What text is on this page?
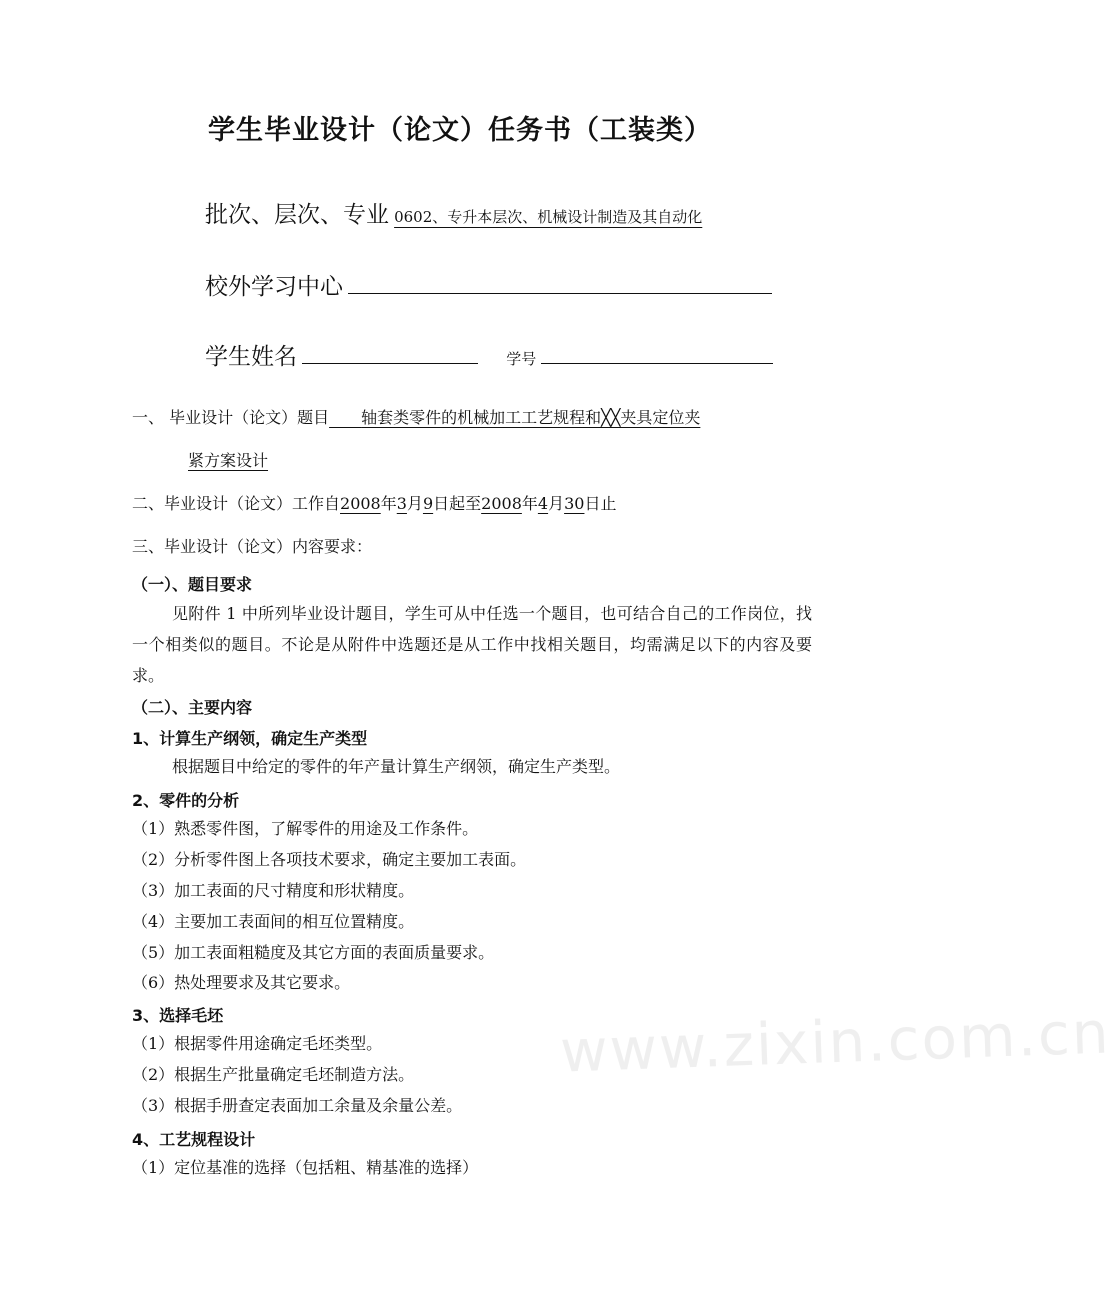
学生毕业设计（论文）任务书（工装类）
批次、层次、专业 0602、专升本层次、机械设计制造及其自动化
校外学习中心
学生姓名	学号
一、 毕业设计（论文）题目   轴套类零件的机械加工工艺规程和╳╳夹具定位夹
紧方案设计
二、毕业设计（论文）工作自2008年3月9日起至2008年4月30日止
三、毕业设计（论文）内容要求：
（一）、题目要求
见附件 1 中所列毕业设计题目，学生可从中任选一个题目，也可结合自己的工作岗位，找一个相类似的题目。不论是从附件中选题还是从工作中找相关题目，均需满足以下的内容及要求。
（二）、主要内容
1、计算生产纲领，确定生产类型
根据题目中给定的零件的年产量计算生产纲领，确定生产类型。
2、零件的分析
（1）熟悉零件图，了解零件的用途及工作条件。
（2）分析零件图上各项技术要求，确定主要加工表面。
（3）加工表面的尺寸精度和形状精度。
（4）主要加工表面间的相互位置精度。
（5）加工表面粗糙度及其它方面的表面质量要求。
（6）热处理要求及其它要求。
3、选择毛坯
（1）根据零件用途确定毛坯类型。
（2）根据生产批量确定毛坯制造方法。
（3）根据手册查定表面加工余量及余量公差。
4、工艺规程设计
（1）定位基准的选择（包括粗、精基准的选择）
www.zixin.com.cn
